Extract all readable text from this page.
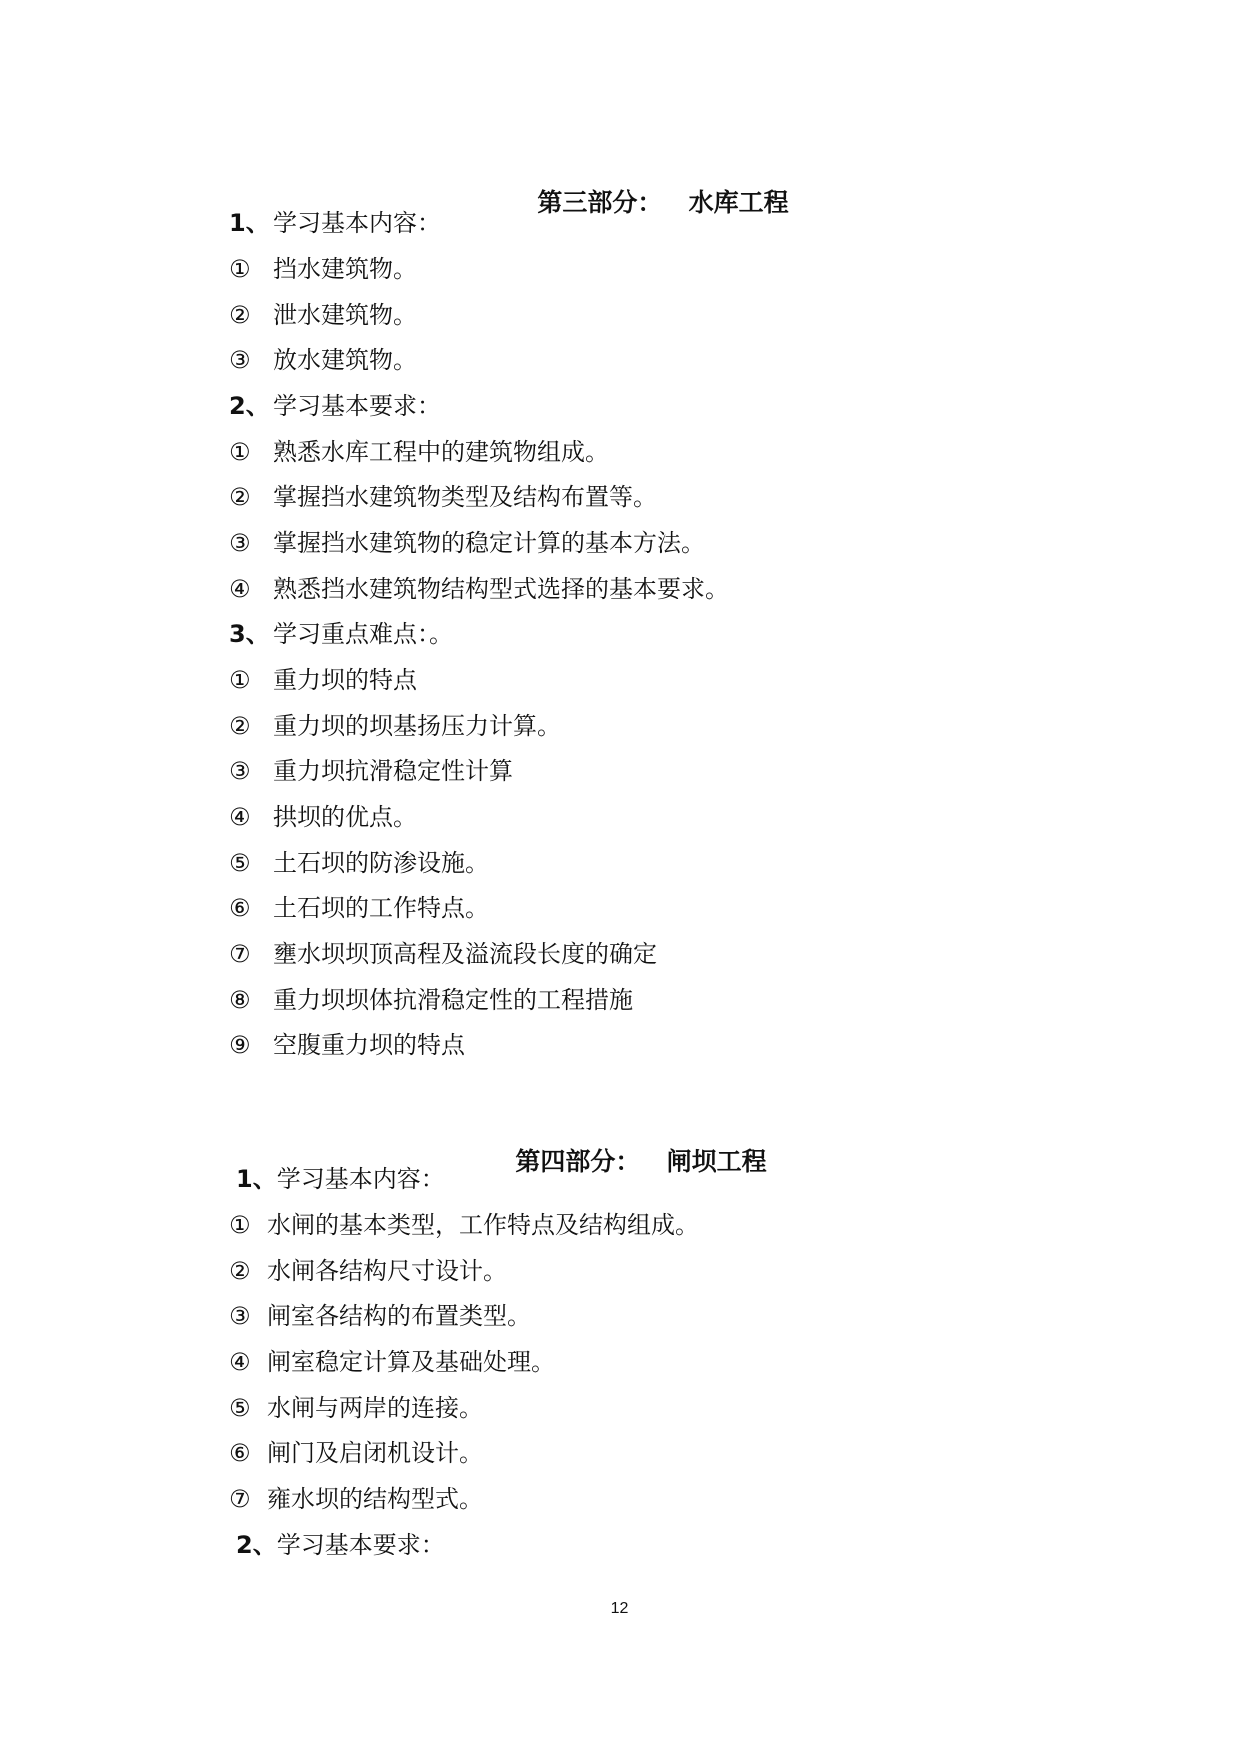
第三部分： 水库工程

1、 学习基本内容：
① 挡水建筑物。
② 泄水建筑物。
③ 放水建筑物。
2、 学习基本要求：
① 熟悉水库工程中的建筑物组成。
② 掌握挡水建筑物类型及结构布置等。
③ 掌握挡水建筑物的稳定计算的基本方法。
④ 熟悉挡水建筑物结构型式选择的基本要求。
3、 学习重点难点：。
① 重力坝的特点
② 重力坝的坝基扬压力计算。
③ 重力坝抗滑稳定性计算
④ 拱坝的优点。
⑤ 土石坝的防渗设施。
⑥ 土石坝的工作特点。
⑦ 壅水坝坝顶高程及溢流段长度的确定
⑧ 重力坝坝体抗滑稳定性的工程措施
⑨ 空腹重力坝的特点

第四部分： 闸坝工程

1、学习基本内容：
① 水闸的基本类型，工作特点及结构组成。
② 水闸各结构尺寸设计。
③ 闸室各结构的布置类型。
④ 闸室稳定计算及基础处理。
⑤ 水闸与两岸的连接。
⑥ 闸门及启闭机设计。
⑦ 雍水坝的结构型式。
2、学习基本要求：
12
